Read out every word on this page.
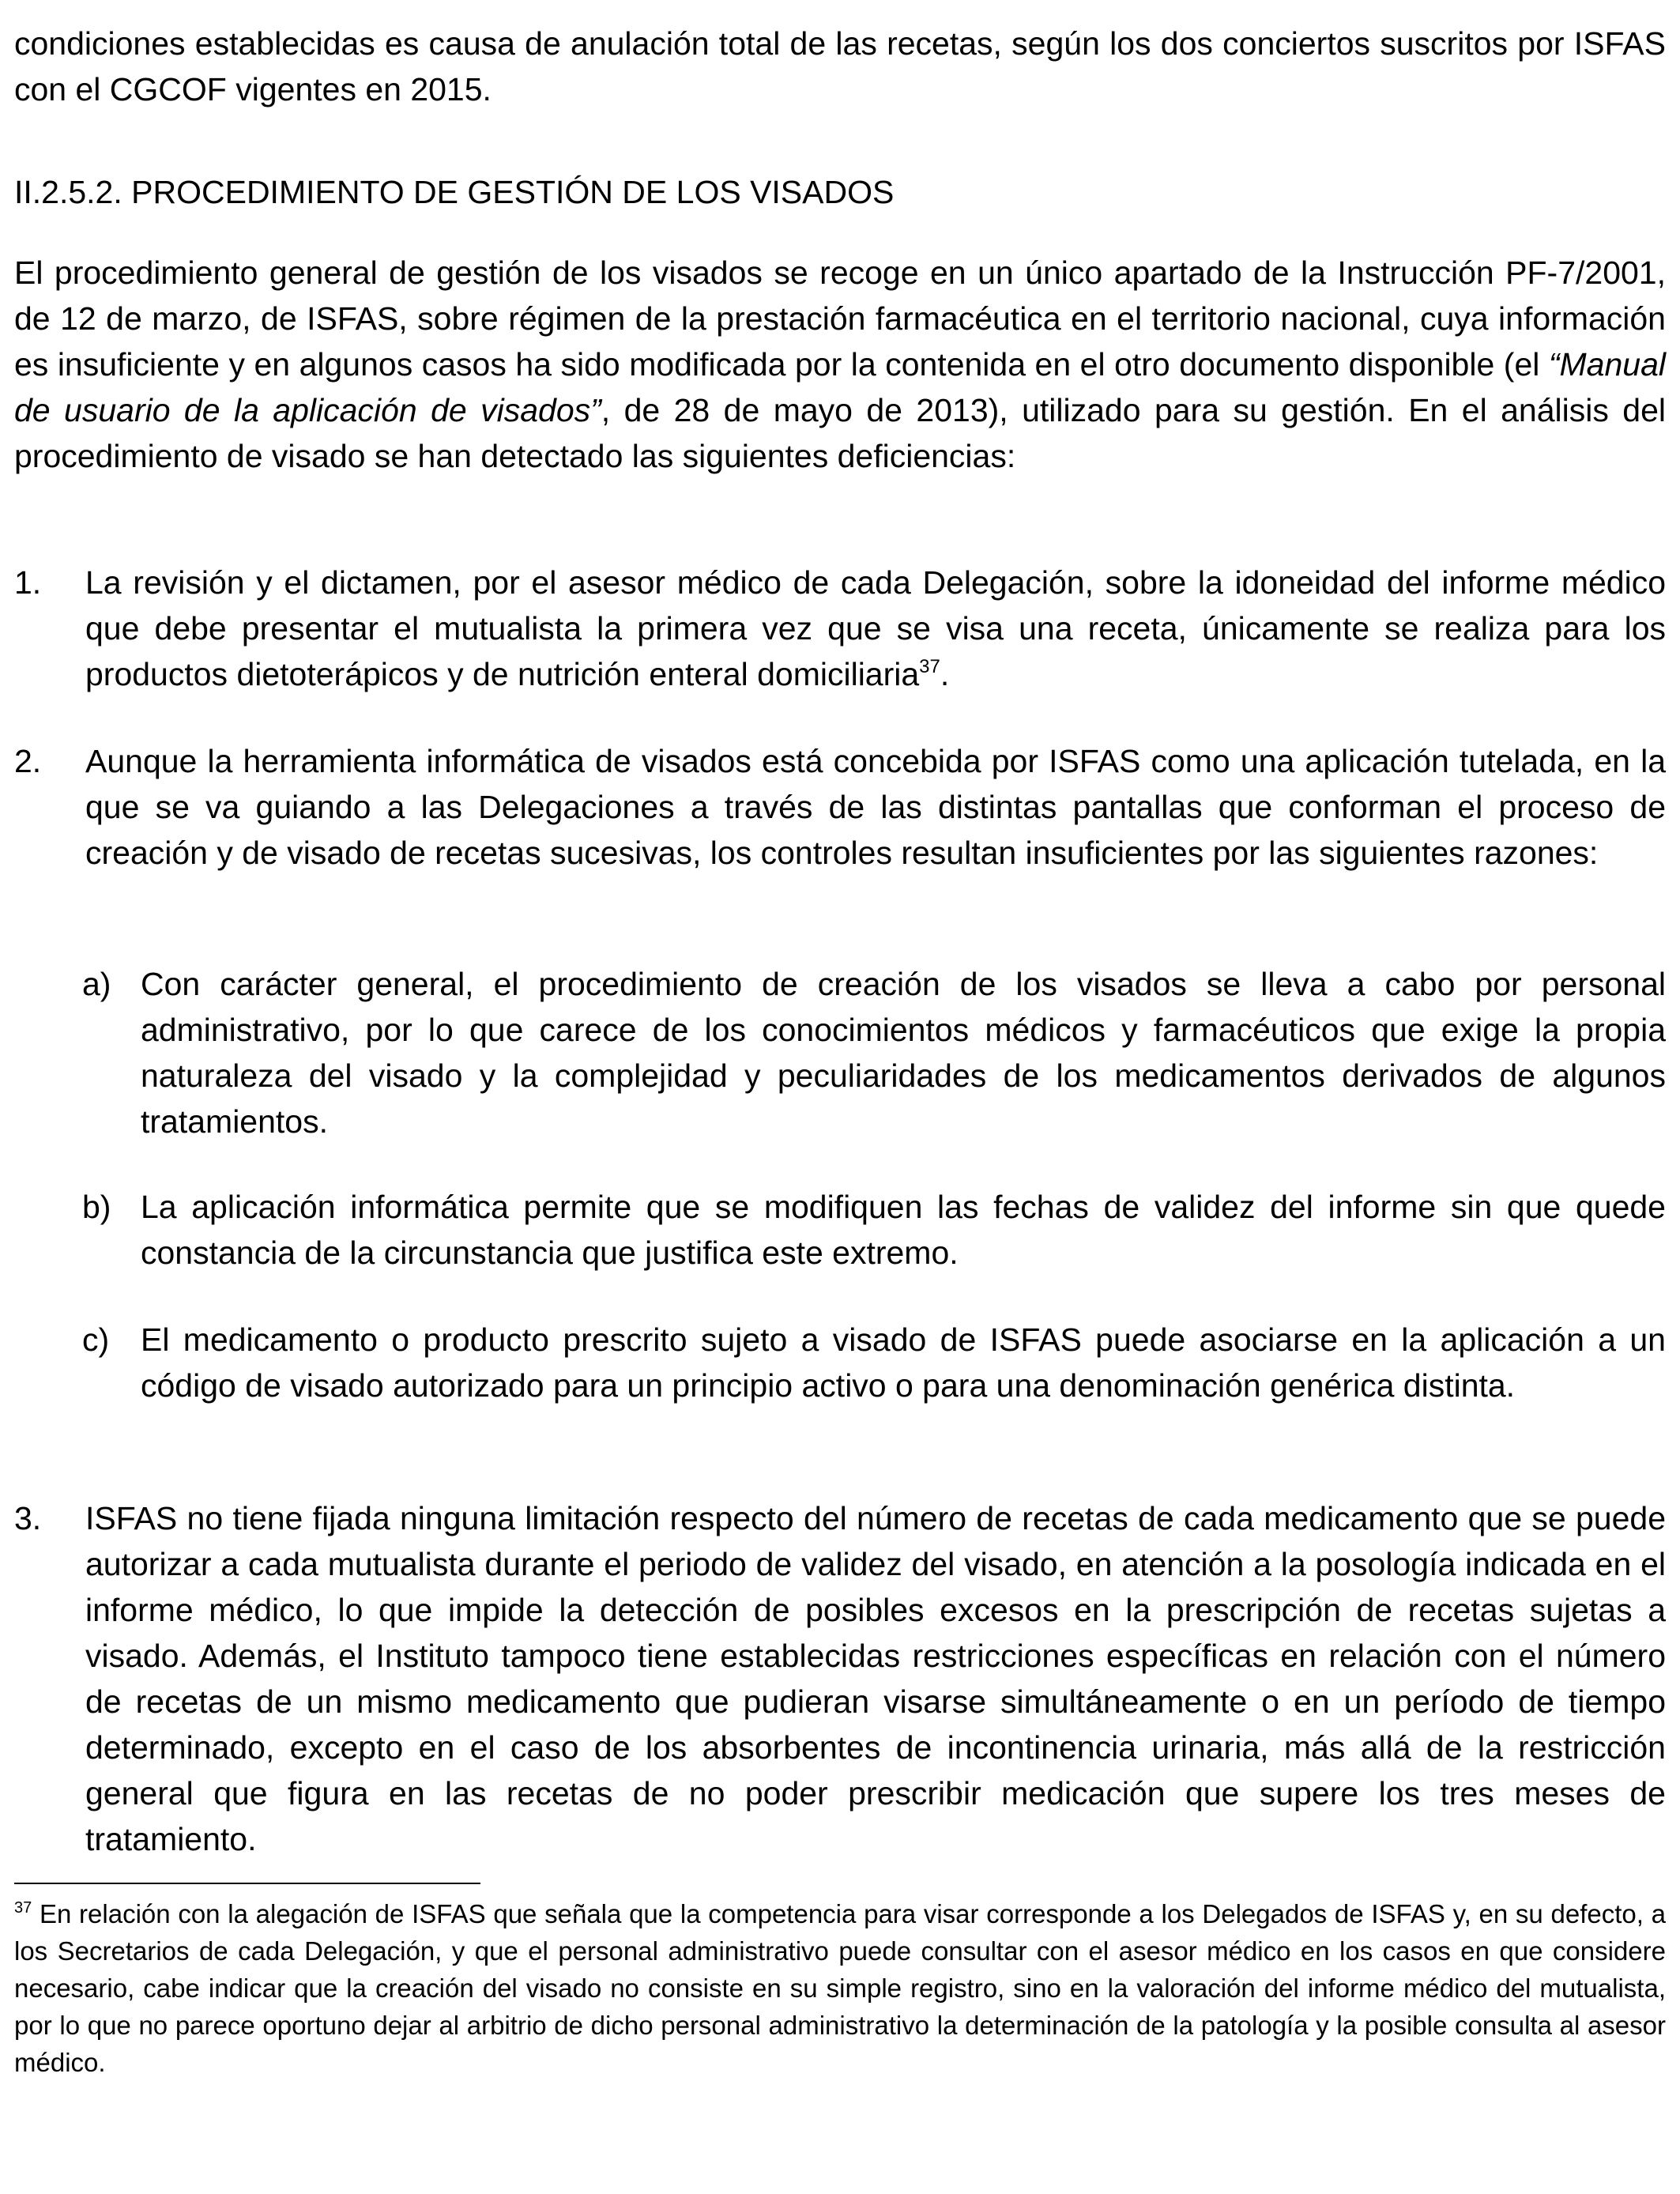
condiciones establecidas es causa de anulación total de las recetas, según los dos conciertos suscritos por ISFAS con el CGCOF vigentes en 2015.

II.2.5.2. PROCEDIMIENTO DE GESTIÓN DE LOS VISADOS

El procedimiento general de gestión de los visados se recoge en un único apartado de la Instrucción PF-7/2001, de 12 de marzo, de ISFAS, sobre régimen de la prestación farmacéutica en el territorio nacional, cuya información es insuficiente y en algunos casos ha sido modificada por la contenida en el otro documento disponible (el “Manual de usuario de la aplicación de visados”, de 28 de mayo de 2013), utilizado para su gestión. En el análisis del procedimiento de visado se han detectado las siguientes deficiencias:

1. La revisión y el dictamen, por el asesor médico de cada Delegación, sobre la idoneidad del informe médico que debe presentar el mutualista la primera vez que se visa una receta, únicamente se realiza para los productos dietoterápicos y de nutrición enteral domiciliaria$^{37}$.
2. Aunque la herramienta informática de visados está concebida por ISFAS como una aplicación tutelada, en la que se va guiando a las Delegaciones a través de las distintas pantallas que conforman el proceso de creación y de visado de recetas sucesivas, los controles resultan insuficientes por las siguientes razones:
a) Con carácter general, el procedimiento de creación de los visados se lleva a cabo por personal administrativo, por lo que carece de los conocimientos médicos y farmacéuticos que exige la propia naturaleza del visado y la complejidad y peculiaridades de los medicamentos derivados de algunos tratamientos.
b) La aplicación informática permite que se modifiquen las fechas de validez del informe sin que quede constancia de la circunstancia que justifica este extremo.
c) El medicamento o producto prescrito sujeto a visado de ISFAS puede asociarse en la aplicación a un código de visado autorizado para un principio activo o para una denominación genérica distinta.
3. ISFAS no tiene fijada ninguna limitación respecto del número de recetas de cada medicamento que se puede autorizar a cada mutualista durante el periodo de validez del visado, en atención a la posología indicada en el informe médico, lo que impide la detección de posibles excesos en la prescripción de recetas sujetas a visado. Además, el Instituto tampoco tiene establecidas restricciones específicas en relación con el número de recetas de un mismo medicamento que pudieran visarse simultáneamente o en un período de tiempo determinado, excepto en el caso de los absorbentes de incontinencia urinaria, más allá de la restricción general que figura en las recetas de no poder prescribir medicación que supere los tres meses de tratamiento.

$^{37}$ En relación con la alegación de ISFAS que señala que la competencia para visar corresponde a los Delegados de ISFAS y, en su defecto, a los Secretarios de cada Delegación, y que el personal administrativo puede consultar con el asesor médico en los casos en que considere necesario, cabe indicar que la creación del visado no consiste en su simple registro, sino en la valoración del informe médico del mutualista, por lo que no parece oportuno dejar al arbitrio de dicho personal administrativo la determinación de la patología y la posible consulta al asesor médico.
